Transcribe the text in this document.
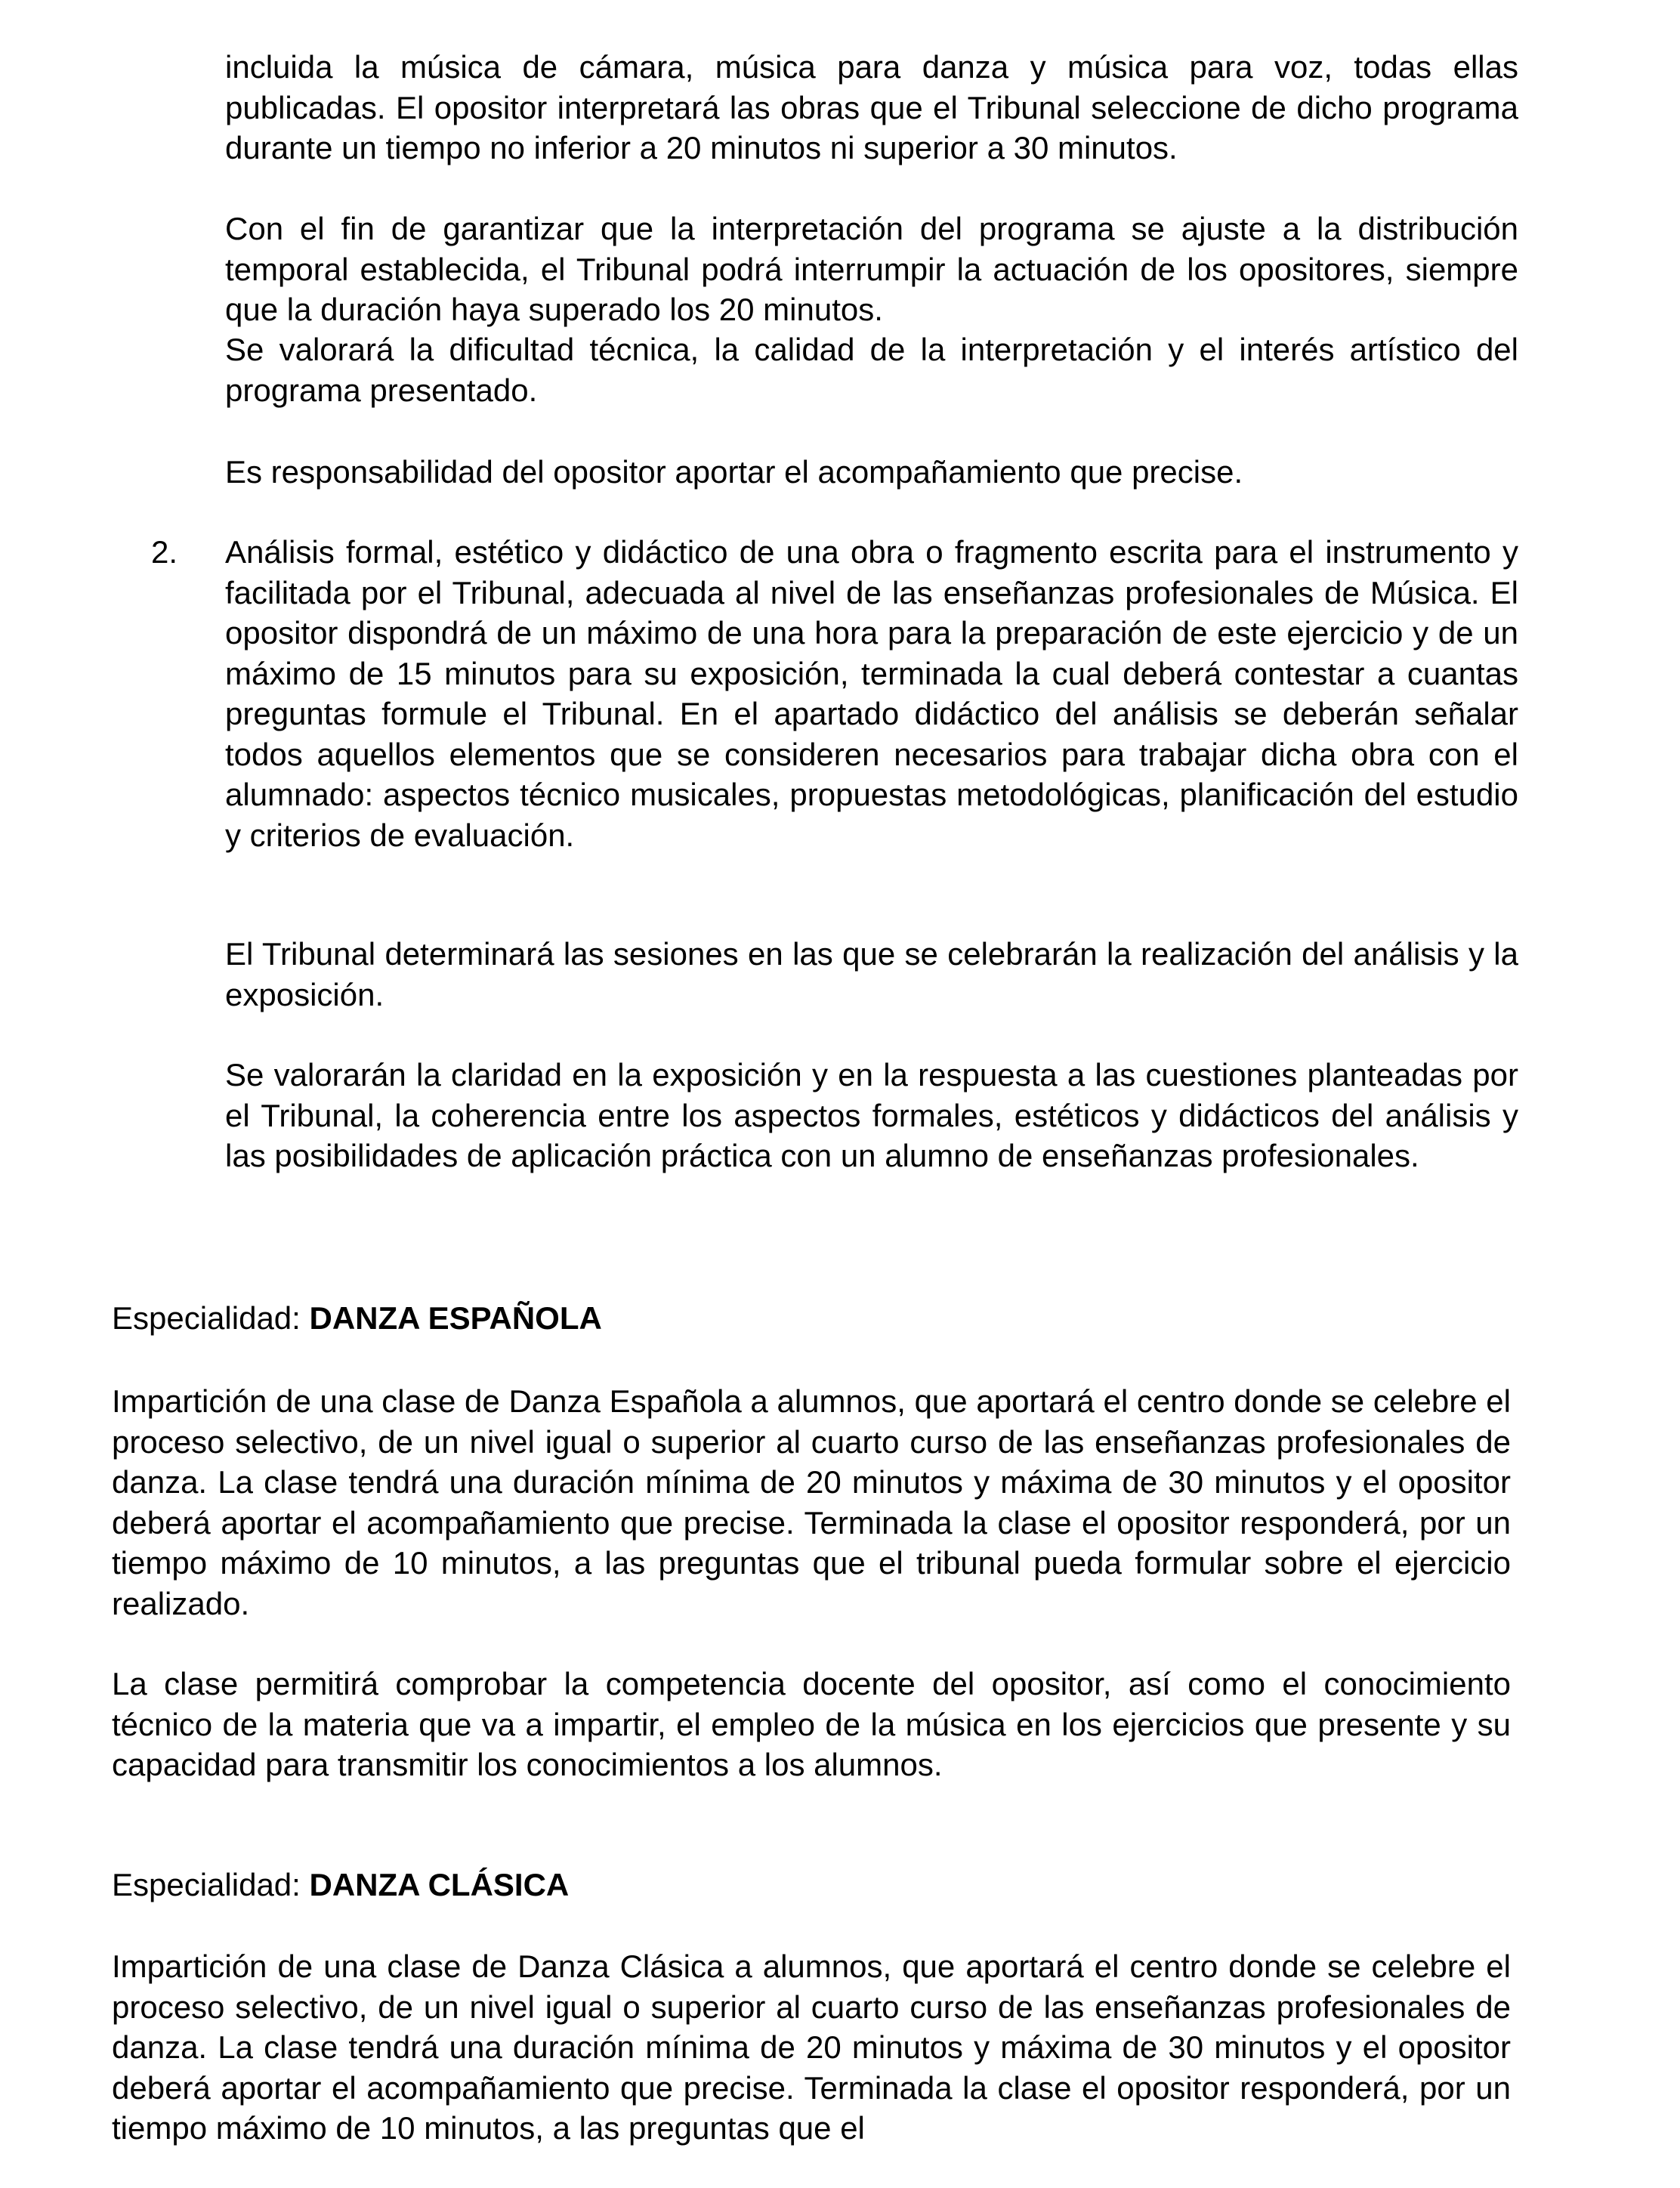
incluida la música de cámara, música para danza y música para voz, todas ellas publicadas. El opositor interpretará las obras que el Tribunal seleccione de dicho programa durante un tiempo no inferior a 20 minutos ni superior a 30 minutos.

Con el fin de garantizar que la interpretación del programa se ajuste a la distribución temporal establecida, el Tribunal podrá interrumpir la actuación de los opositores, siempre que la duración haya superado los 20 minutos.

Se valorará la dificultad técnica, la calidad de la interpretación y el interés artístico del programa presentado.

Es responsabilidad del opositor aportar el acompañamiento que precise.

2. Análisis formal, estético y didáctico de una obra o fragmento escrita para el instrumento y facilitada por el Tribunal, adecuada al nivel de las enseñanzas profesionales de Música. El opositor dispondrá de un máximo de una hora para la preparación de este ejercicio y de un máximo de 15 minutos para su exposición, terminada la cual deberá contestar a cuantas preguntas formule el Tribunal. En el apartado didáctico del análisis se deberán señalar todos aquellos elementos que se consideren necesarios para trabajar dicha obra con el alumnado: aspectos técnico musicales, propuestas metodológicas, planificación del estudio y criterios de evaluación.

El Tribunal determinará las sesiones en las que se celebrarán la realización del análisis y la exposición.

Se valorarán la claridad en la exposición y en la respuesta a las cuestiones planteadas por el Tribunal, la coherencia entre los aspectos formales, estéticos y didácticos del análisis y las posibilidades de aplicación práctica con un alumno de enseñanzas profesionales.

Especialidad: DANZA ESPAÑOLA

Impartición de una clase de Danza Española a alumnos, que aportará el centro donde se celebre el proceso selectivo, de un nivel igual o superior al cuarto curso de las enseñanzas profesionales de danza. La clase tendrá una duración mínima de 20 minutos y máxima de 30 minutos y el opositor deberá aportar el acompañamiento que precise. Terminada la clase el opositor responderá, por un tiempo máximo de 10 minutos, a las preguntas que el tribunal pueda formular sobre el ejercicio realizado.

La clase permitirá comprobar la competencia docente del opositor, así como el conocimiento técnico de la materia que va a impartir, el empleo de la música en los ejercicios que presente y su capacidad para transmitir los conocimientos a los alumnos.

Especialidad: DANZA CLÁSICA

Impartición de una clase de Danza Clásica a alumnos, que aportará el centro donde se celebre el proceso selectivo, de un nivel igual o superior al cuarto curso de las enseñanzas profesionales de danza. La clase tendrá una duración mínima de 20 minutos y máxima de 30 minutos y el opositor deberá aportar el acompañamiento que precise. Terminada la clase el opositor responderá, por un tiempo máximo de 10 minutos, a las preguntas que el
